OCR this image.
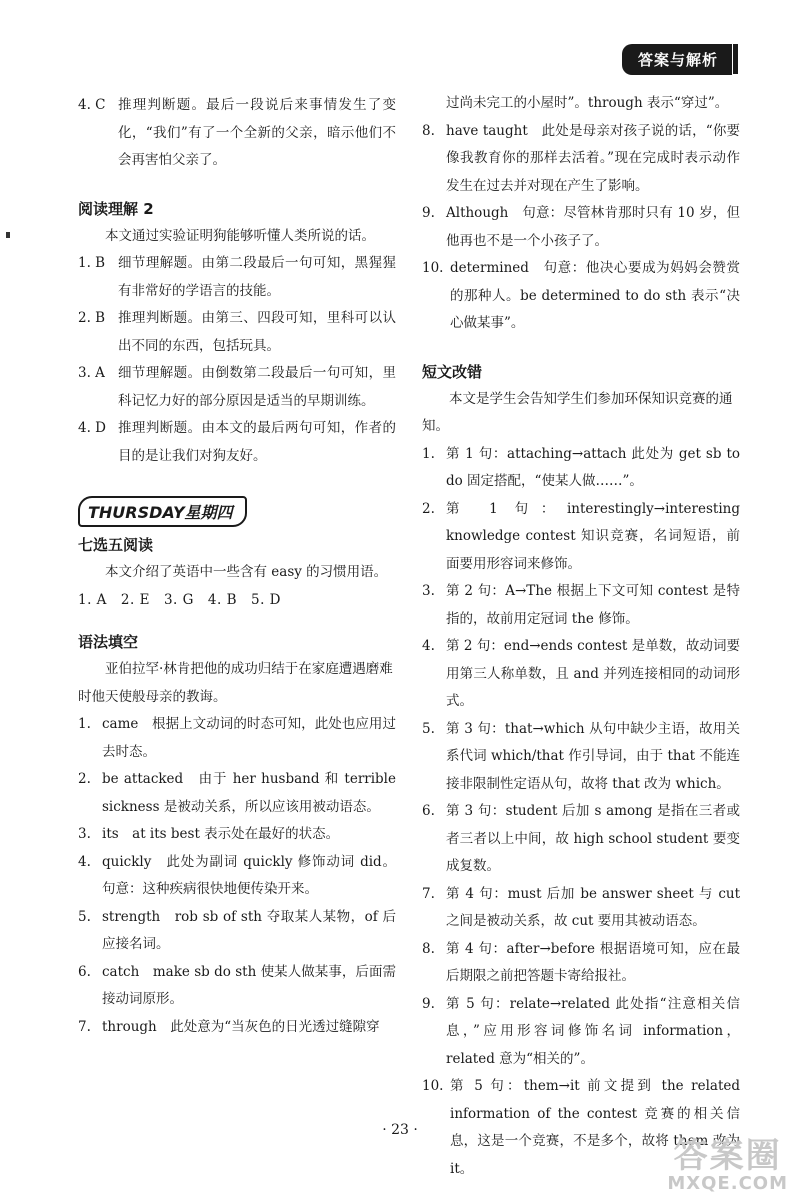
答案与解析
4. C 推理判断题。最后一段说后来事情发生了变化，“我们”有了一个全新的父亲，暗示他们不会再害怕父亲了。
阅读理解 2

本文通过实验证明狗能够听懂人类所说的话。

1. B 细节理解题。由第二段最后一句可知，黑猩猩有非常好的学语言的技能。
2. B 推理判断题。由第三、四段可知，里科可以认出不同的东西，包括玩具。
3. A 细节理解题。由倒数第二段最后一句可知，里科记忆力好的部分原因是适当的早期训练。
4. D 推理判断题。由本文的最后两句可知，作者的目的是让我们对狗友好。
THURSDAY星期四
七选五阅读

本文介绍了英语中一些含有 easy 的习惯用语。

1. A　2. E　3. G　4. B　5. D

语法填空

亚伯拉罕·林肯把他的成功归结于在家庭遭遇磨难时他天使般母亲的教诲。

1. came　根据上文动词的时态可知，此处也应用过去时态。
2. be attacked　由于 her husband 和 terrible sickness 是被动关系，所以应该用被动语态。
3. its　at its best 表示处在最好的状态。
4. quickly　此处为副词 quickly 修饰动词 did。句意：这种疾病很快地便传染开来。
5. strength　rob sb of sth 夺取某人某物，of 后应接名词。
6. catch　make sb do sth 使某人做某事，后面需接动词原形。
7. through　此处意为“当灰色的日光透过缝隙穿

过尚未完工的小屋时”。through 表示“穿过”。

8. have taught　此处是母亲对孩子说的话，“你要像我教育你的那样去活着。”现在完成时表示动作发生在过去并对现在产生了影响。
9. Although　句意：尽管林肯那时只有 10 岁，但他再也不是一个小孩子了。
10. determined　句意：他决心要成为妈妈会赞赏的那种人。be determined to do sth 表示“决心做某事”。
短文改错

本文是学生会告知学生们参加环保知识竞赛的通知。

1. 第 1 句：attaching→attach 此处为 get sb to do 固定搭配，“使某人做……”。
2. 第 1 句：interestingly→interesting knowledge contest 知识竞赛，名词短语，前面要用形容词来修饰。
3. 第 2 句：A→The 根据上下文可知 contest 是特指的，故前用定冠词 the 修饰。
4. 第 2 句：end→ends contest 是单数，故动词要用第三人称单数，且 and 并列连接相同的动词形式。
5. 第 3 句：that→which 从句中缺少主语，故用关系代词 which/that 作引导词，由于 that 不能连接非限制性定语从句，故将 that 改为 which。
6. 第 3 句：student 后加 s among 是指在三者或者三者以上中间，故 high school student 要变成复数。
7. 第 4 句：must 后加 be answer sheet 与 cut 之间是被动关系，故 cut 要用其被动语态。
8. 第 4 句：after→before 根据语境可知，应在最后期限之前把答题卡寄给报社。
9. 第 5 句：relate→related 此处指“注意相关信息，”应用形容词修饰名词 information，related 意为“相关的”。
10. 第 5 句：them→it 前文提到 the related information of the contest 竞赛的相关信息，这是一个竞赛，不是多个，故将 them 改为 it。
· 23 ·
答案圈
MXQE.COM
